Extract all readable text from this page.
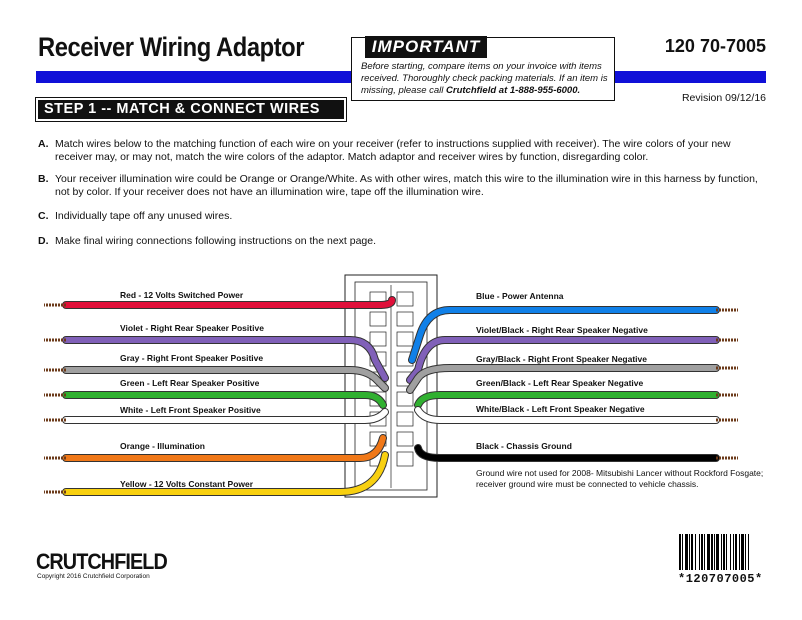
Receiver Wiring Adaptor	120 70-7005
IMPORTANT
Before starting, compare items on your invoice with items received. Thoroughly check packing materials. If an item is missing, please call Crutchfield at 1-888-955-6000.
Revision 09/12/16
STEP 1 -- MATCH & CONNECT WIRES
A. Match wires below to the matching function of each wire on your receiver (refer to instructions supplied with receiver). The wire colors of your new receiver may, or may not, match the wire colors of the adaptor. Match adaptor and receiver wires by function, disregarding color.
B. Your receiver illumination wire could be Orange or Orange/White. As with other wires, match this wire to the illumination wire in this harness by function, not by color. If your receiver does not have an illumination wire, tape off the illumination wire.
C. Individually tape off any unused wires.
D. Make final wiring connections following instructions on the next page.
Red - 12 Volts Switched Power
Violet - Right Rear Speaker Positive
Gray - Right Front Speaker Positive
Green - Left Rear Speaker Positive
White - Left Front Speaker Positive
Orange - Illumination
Yellow - 12 Volts Constant Power
Blue - Power Antenna
Violet/Black - Right Rear Speaker Negative
Gray/Black - Right Front Speaker Negative
Green/Black - Left Rear Speaker Negative
White/Black - Left Front Speaker Negative
Black - Chassis Ground
Ground wire not used for 2008- Mitsubishi Lancer without Rockford Fosgate; receiver ground wire must be connected to vehicle chassis.
CRUTCHFIELD
Copyright 2016 Crutchfield Corporation	*120707005*
